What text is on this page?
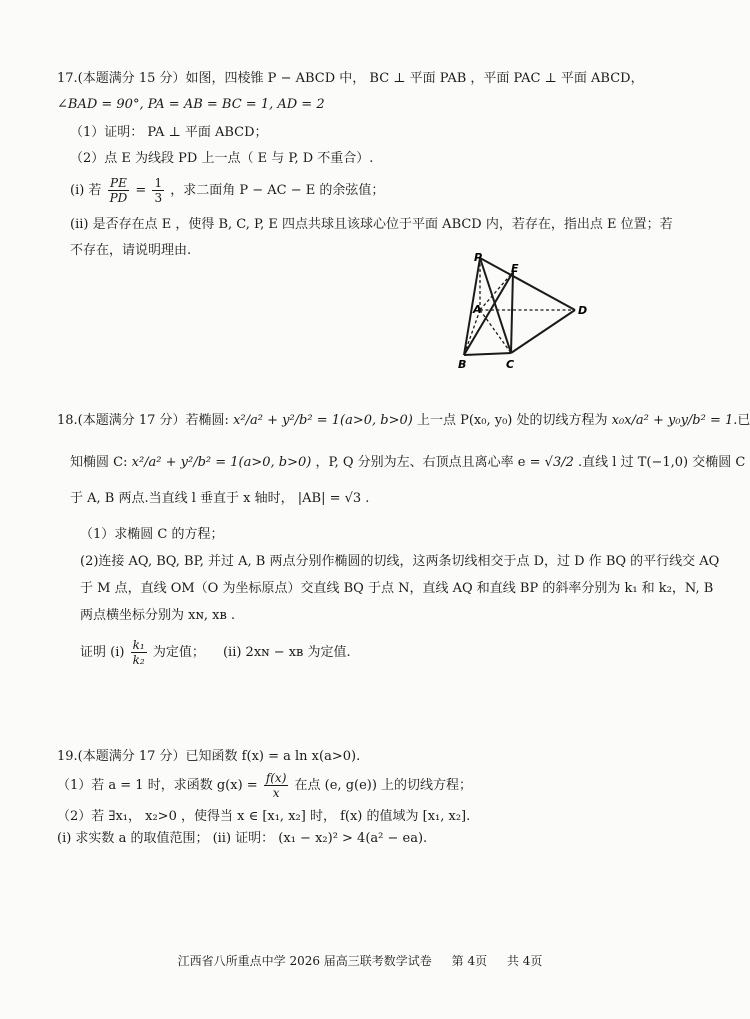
17.(本题满分 15 分）如图，四棱锥 P − ABCD 中， BC ⊥ 平面 PAB ，平面 PAC ⊥ 平面 ABCD，
∠BAD = 90°, PA = AB = BC = 1, AD = 2
（1）证明： PA ⊥ 平面 ABCD；
（2）点 E 为线段 PD 上一点（ E 与 P, D 不重合）.
(i) 若 $\frac{PE}{PD} = \frac{1}{3}$ ，求二面角 P − AC − E 的余弦值；
(ii) 是否存在点 E ，使得 B, C, P, E 四点共球且该球心位于平面 ABCD 内，若存在，指出点 E 位置；若
不存在，请说明理由.	P
E
A	D
B	C
18.(本题满分 17 分）若椭圆: x²/a² + y²/b² = 1(a>0, b>0) 上一点 P(x₀, y₀) 处的切线方程为 x₀x/a² + y₀y/b² = 1.已
知椭圆 C: x²/a² + y²/b² = 1(a>0, b>0) ，P, Q 分别为左、右顶点且离心率 e = √3/2 .直线 l 过 T(−1,0) 交椭圆 C
于 A, B 两点.当直线 l 垂直于 x 轴时， |AB| = √3 .
（1）求椭圆 C 的方程；
(2)连接 AQ, BQ, BP, 并过 A, B 两点分别作椭圆的切线，这两条切线相交于点 D，过 D 作 BQ 的平行线交 AQ
于 M 点，直线 OM（O 为坐标原点）交直线 BQ 于点 N，直线 AQ 和直线 BP 的斜率分别为 k₁ 和 k₂，N, B
两点横坐标分别为 xɴ, xʙ .
证明 $(i) \frac{\text{k₁}}{\text{k₂}}$ 为定值； (ii) 2xɴ − xʙ 为定值.
19.(本题满分 17 分）已知函数 f(x) = a ln x(a>0).
（1）若 a = 1 时，求函数 $g(x) = \frac{f(x)}{x}$ 在点 (e, g(e)) 上的切线方程；
（2）若 ∃x₁， x₂>0 ，使得当 x ∈ [x₁, x₂] 时， f(x) 的值域为 [x₁, x₂].
(i) 求实数 a 的取值范围； (ii) 证明： (x₁ − x₂)² > 4(a² − ea).
江西省八所重点中学 2026 届高三联考数学试卷 第 4页 共 4页
